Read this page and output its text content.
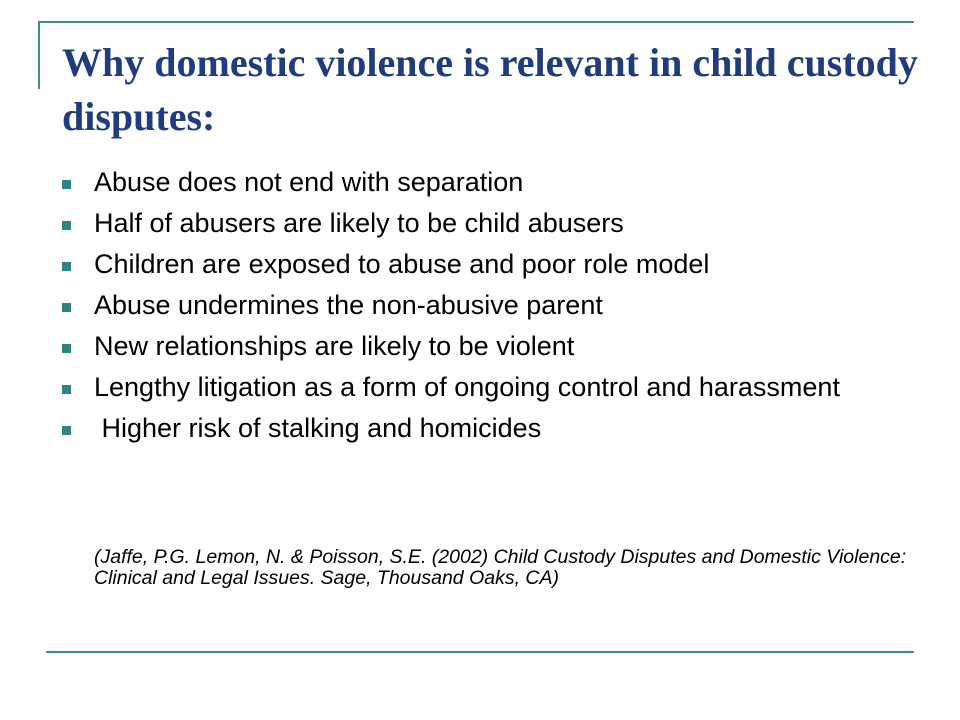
Why domestic violence is relevant in child custody disputes:
Abuse does not end with separation
Half of abusers are likely to be child abusers
Children are exposed to abuse and poor role model
Abuse undermines the non-abusive parent
New relationships are likely to be violent
Lengthy litigation as a form of ongoing control and harassment
Higher risk of stalking and homicides

(Jaffe, P.G. Lemon, N. & Poisson, S.E. (2002) Child Custody Disputes and Domestic Violence: Clinical and Legal Issues. Sage, Thousand Oaks, CA)
